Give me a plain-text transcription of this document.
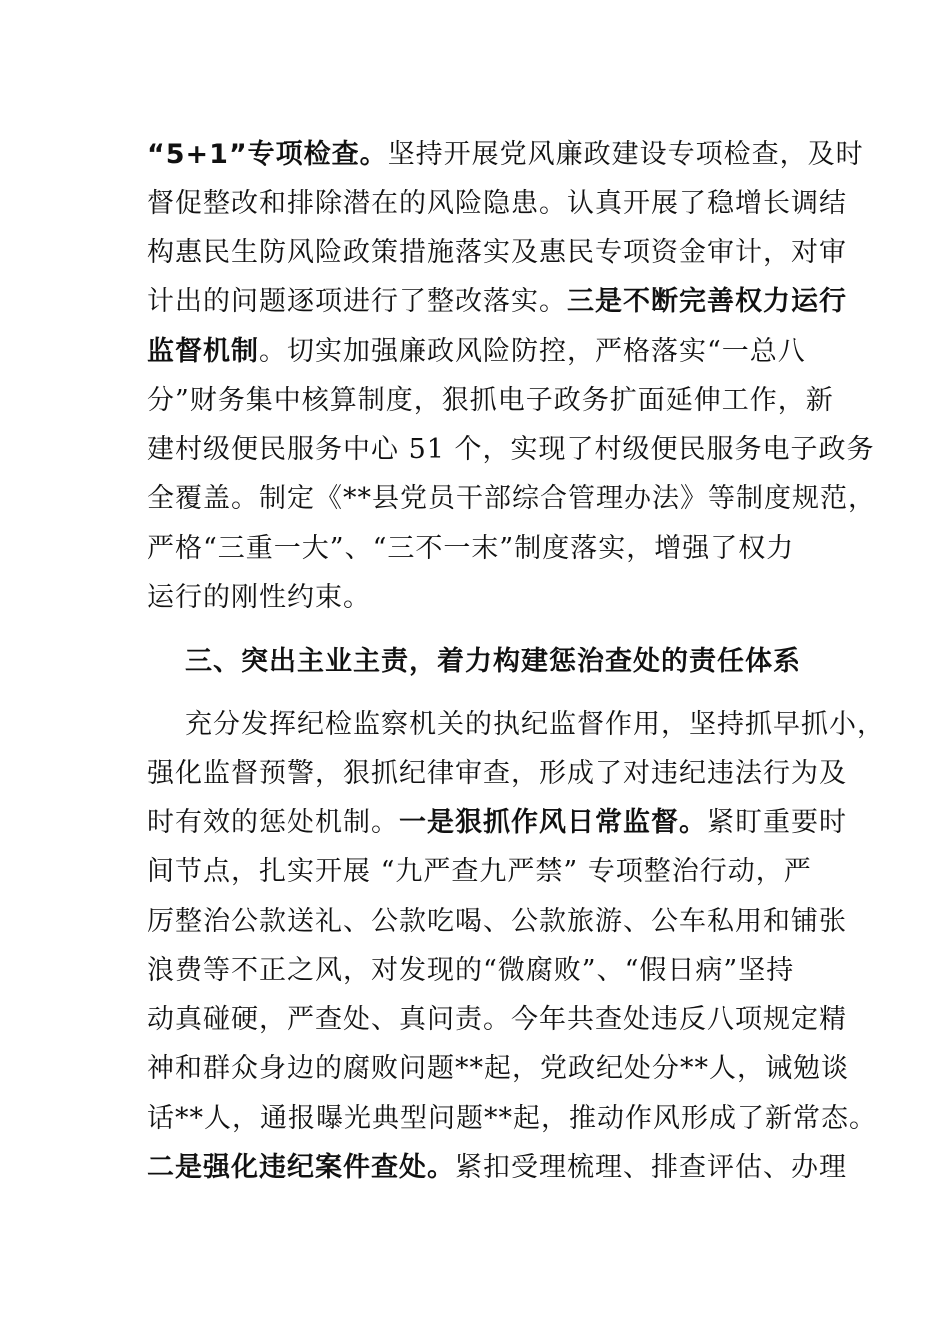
“5+1”专项检查。坚持开展党风廉政建设专项检查，及时
督促整改和排除潜在的风险隐患。认真开展了稳增长调结
构惠民生防风险政策措施落实及惠民专项资金审计，对审
计出的问题逐项进行了整改落实。三是不断完善权力运行
监督机制。切实加强廉政风险防控，严格落实“一总八
分”财务集中核算制度，狠抓电子政务扩面延伸工作，新
建村级便民服务中心 51 个，实现了村级便民服务电子政务
全覆盖。制定《**县党员干部综合管理办法》等制度规范，
严格“三重一大”、“三不一末”制度落实，增强了权力
运行的刚性约束。
三、突出主业主责，着力构建惩治查处的责任体系
充分发挥纪检监察机关的执纪监督作用，坚持抓早抓小，
强化监督预警，狠抓纪律审查，形成了对违纪违法行为及
时有效的惩处机制。一是狠抓作风日常监督。紧盯重要时
间节点，扎实开展 “九严查九严禁” 专项整治行动，严
厉整治公款送礼、公款吃喝、公款旅游、公车私用和铺张
浪费等不正之风，对发现的“微腐败”、“假日病”坚持
动真碰硬，严查处、真问责。今年共查处违反八项规定精
神和群众身边的腐败问题**起，党政纪处分**人，诫勉谈
话**人，通报曝光典型问题**起，推动作风形成了新常态。
二是强化违纪案件查处。紧扣受理梳理、排查评估、办理
